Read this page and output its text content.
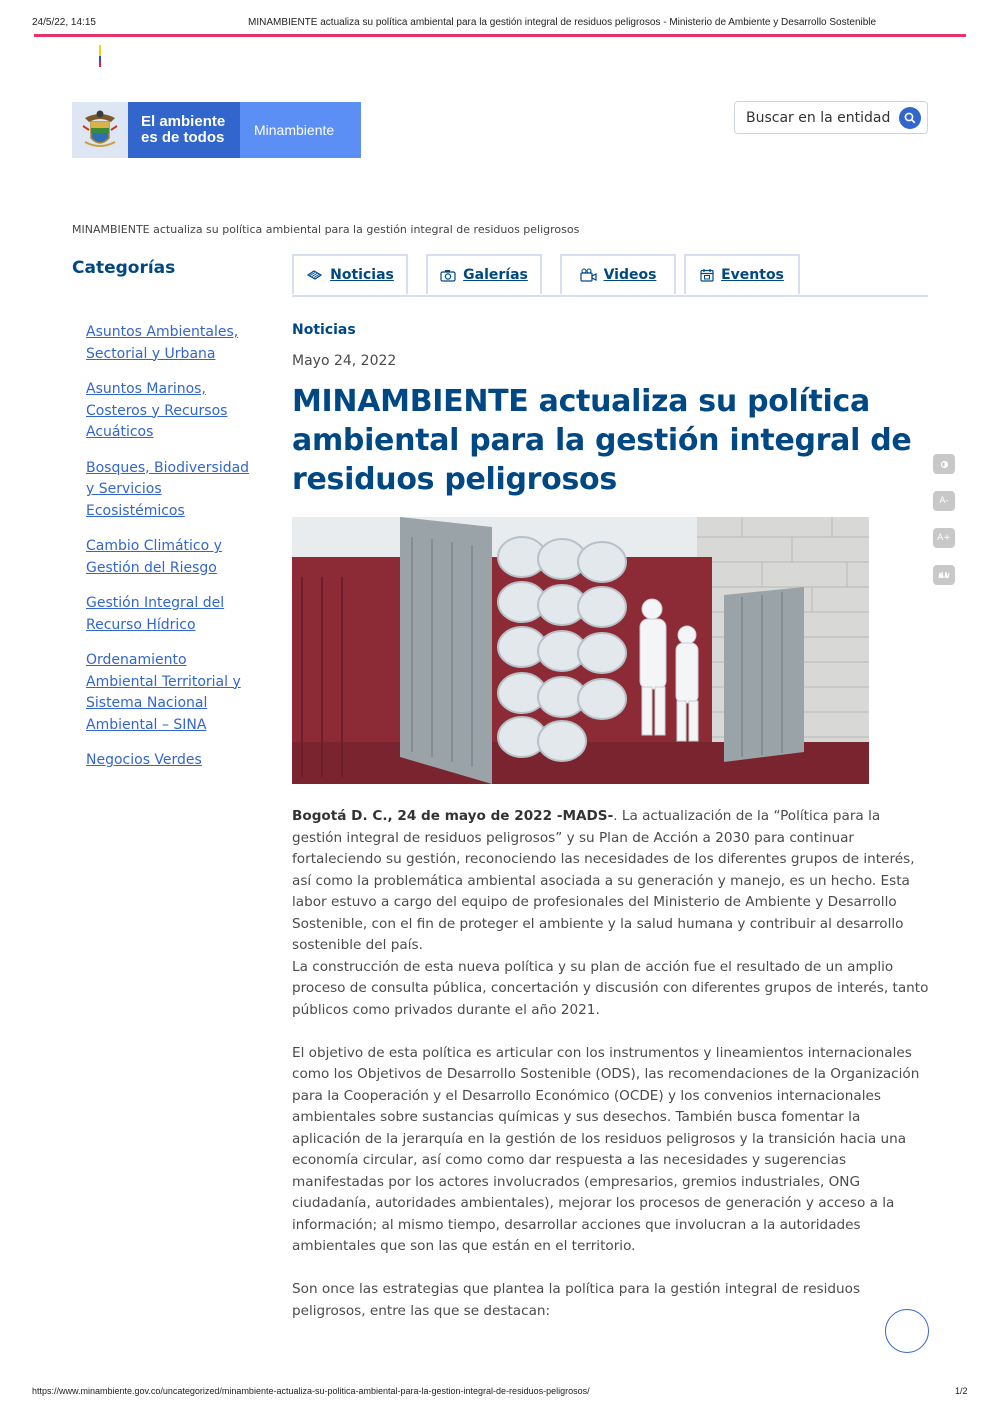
24/5/22, 14:15	MINAMBIENTE actualiza su política ambiental para la gestión integral de residuos peligrosos - Ministerio de Ambiente y Desarrollo Sostenible
El ambiente
es de todos	Minambiente
Buscar en la entidad
MINAMBIENTE actualiza su política ambiental para la gestión integral de residuos peligrosos
Categorías
Asuntos Ambientales, Sectorial y Urbana
Asuntos Marinos, Costeros y Recursos Acuáticos
Bosques, Biodiversidad y Servicios Ecosistémicos
Cambio Climático y Gestión del Riesgo
Gestión Integral del Recurso Hídrico
Ordenamiento Ambiental Territorial y Sistema Nacional Ambiental – SINA
Negocios Verdes
Noticias	Galerías	Videos	Eventos
Noticias
Mayo 24, 2022
MINAMBIENTE actualiza su política ambiental para la gestión integral de residuos peligrosos

Bogotá D. C., 24 de mayo de 2022 -MADS-. La actualización de la “Política para la gestión integral de residuos peligrosos” y su Plan de Acción a 2030 para continuar fortaleciendo su gestión, reconociendo las necesidades de los diferentes grupos de interés, así como la problemática ambiental asociada a su generación y manejo, es un hecho. Esta labor estuvo a cargo del equipo de profesionales del Ministerio de Ambiente y Desarrollo Sostenible, con el fin de proteger el ambiente y la salud humana y contribuir al desarrollo sostenible del país.

La construcción de esta nueva política y su plan de acción fue el resultado de un amplio proceso de consulta pública, concertación y discusión con diferentes grupos de interés, tanto públicos como privados durante el año 2021.

El objetivo de esta política es articular con los instrumentos y lineamientos internacionales como los Objetivos de Desarrollo Sostenible (ODS), las recomendaciones de la Organización para la Cooperación y el Desarrollo Económico (OCDE) y los convenios internacionales ambientales sobre sustancias químicas y sus desechos. También busca fomentar la aplicación de la jerarquía en la gestión de los residuos peligrosos y la transición hacia una economía circular, así como como dar respuesta a las necesidades y sugerencias manifestadas por los actores involucrados (empresarios, gremios industriales, ONG ciudadanía, autoridades ambientales), mejorar los procesos de generación y acceso a la información; al mismo tiempo, desarrollar acciones que involucran a la autoridades ambientales que son las que están en el territorio.

Son once las estrategias que plantea la política para la gestión integral de residuos peligrosos, entre las que se destacan:

A-
A+
https://www.minambiente.gov.co/uncategorized/minambiente-actualiza-su-politica-ambiental-para-la-gestion-integral-de-residuos-peligrosos/	1/2
